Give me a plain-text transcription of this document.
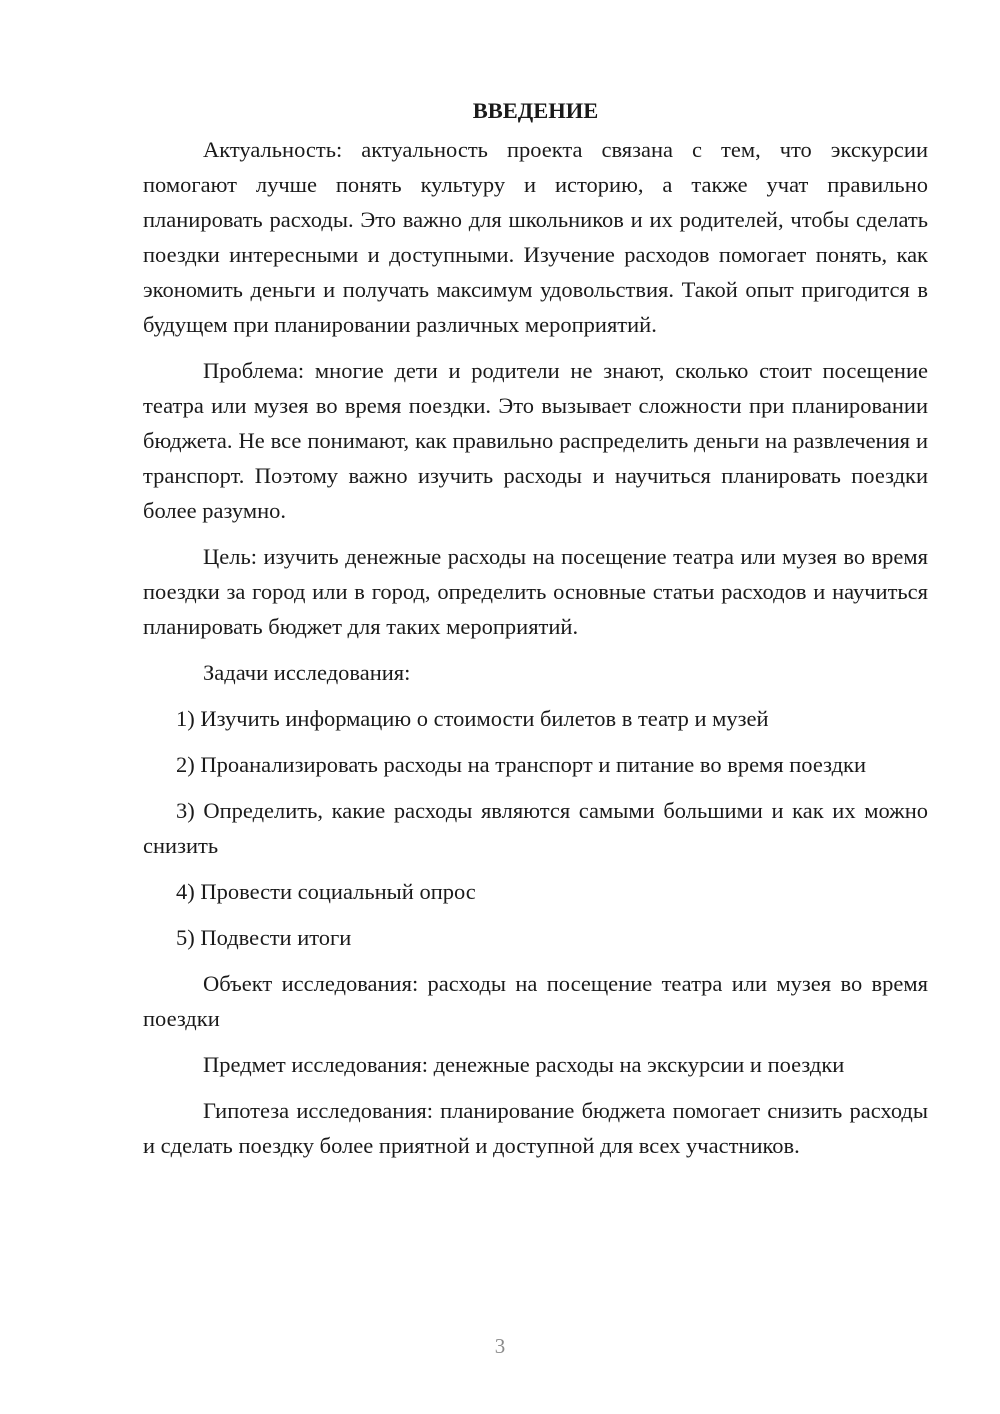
ВВЕДЕНИЕ

Актуальность: актуальность проекта связана с тем, что экскурсии помогают лучше понять культуру и историю, а также учат правильно планировать расходы. Это важно для школьников и их родителей, чтобы сделать поездки интересными и доступными. Изучение расходов помогает понять, как экономить деньги и получать максимум удовольствия. Такой опыт пригодится в будущем при планировании различных мероприятий.

Проблема: многие дети и родители не знают, сколько стоит посещение театра или музея во время поездки. Это вызывает сложности при планировании бюджета. Не все понимают, как правильно распределить деньги на развлечения и транспорт. Поэтому важно изучить расходы и научиться планировать поездки более разумно.

Цель: изучить денежные расходы на посещение театра или музея во время поездки за город или в город, определить основные статьи расходов и научиться планировать бюджет для таких мероприятий.

Задачи исследования:

1) Изучить информацию о стоимости билетов в театр и музей

2) Проанализировать расходы на транспорт и питание во время поездки

3) Определить, какие расходы являются самыми большими и как их можно снизить

4) Провести социальный опрос

5) Подвести итоги

Объект исследования: расходы на посещение театра или музея во время поездки

Предмет исследования: денежные расходы на экскурсии и поездки

Гипотеза исследования: планирование бюджета помогает снизить расходы и сделать поездку более приятной и доступной для всех участников.

3
